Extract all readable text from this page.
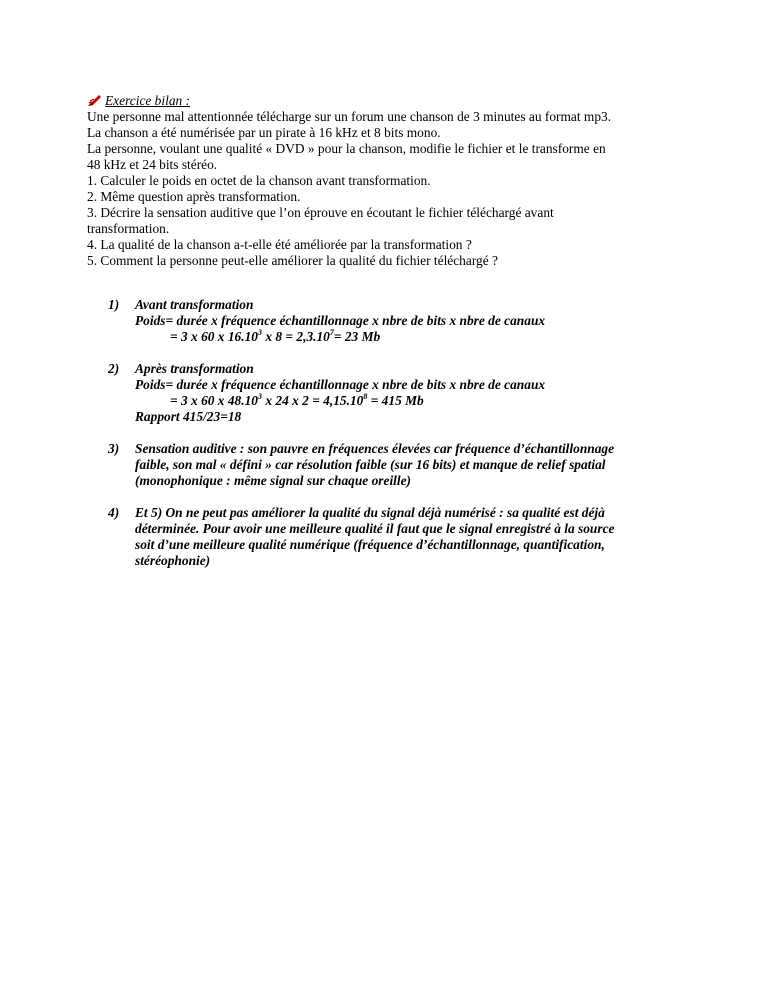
Exercice bilan :
Une personne mal attentionnée télécharge sur un forum une chanson de 3 minutes au format mp3.
La chanson a été numérisée par un pirate à 16 kHz et 8 bits mono.
La personne, voulant une qualité « DVD » pour la chanson, modifie le fichier et le transforme en
48 kHz et 24 bits stéréo.
1. Calculer le poids en octet de la chanson avant transformation.
2. Même question après transformation.
3. Décrire la sensation auditive que l’on éprouve en écoutant le fichier téléchargé avant
transformation.
4. La qualité de la chanson a-t-elle été améliorée par la transformation ?
5. Comment la personne peut-elle améliorer la qualité du fichier téléchargé ?
1)	Avant transformation
Poids= durée x fréquence échantillonnage x nbre de bits x nbre de canaux
= 3 x 60 x 16.10$^3$ x $8 = 2,3.10^7= 23$ Mb
2)	Après transformation
Poids= durée x fréquence échantillonnage x nbre de bits x nbre de canaux
= 3 x 60 x 48.10$^3$ x 24 x $2 = 4,15.10^8 = 415$ Mb
Rapport 415/23=18
3)	Sensation auditive : son pauvre en fréquences élevées car fréquence d’échantillonnage
faible, son mal « défini » car résolution faible (sur 16 bits) et manque de relief spatial
(monophonique : même signal sur chaque oreille)
4)	Et 5) On ne peut pas améliorer la qualité du signal déjà numérisé : sa qualité est déjà
déterminée. Pour avoir une meilleure qualité il faut que le signal enregistré à la source
soit d’une meilleure qualité numérique (fréquence d’échantillonnage, quantification,
stéréophonie)
